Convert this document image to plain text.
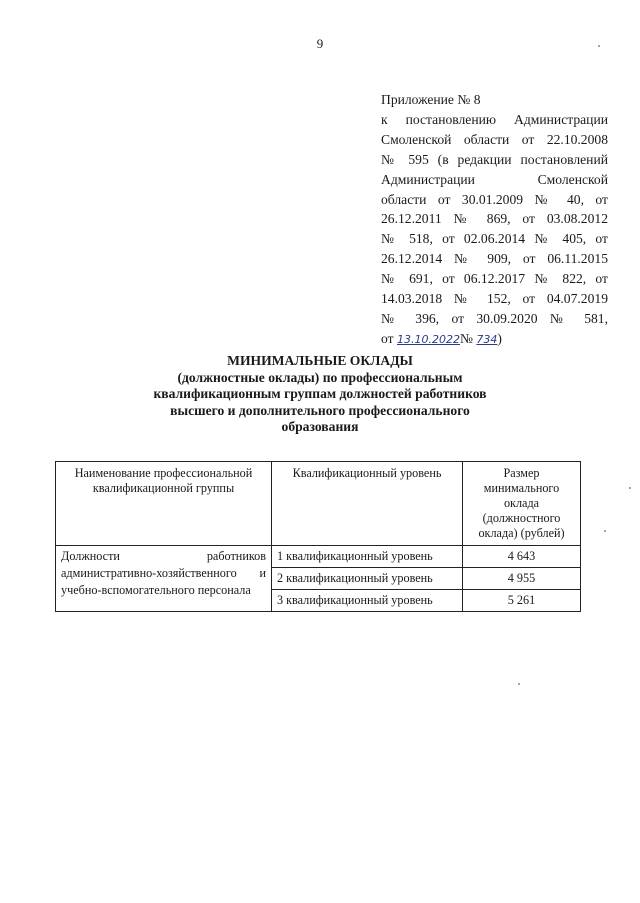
9
Приложение № 8
к постановлению Администрации
Смоленской области от 22.10.2008
№ 595 (в редакции постановлений
Администрации Смоленской
области от 30.01.2009 № 40, от
26.12.2011 № 869, от 03.08.2012
№ 518, от 02.06.2014 № 405, от
26.12.2014 № 909, от 06.11.2015
№ 691, от 06.12.2017 № 822, от
14.03.2018 № 152, от 04.07.2019
№ 396, от 30.09.2020 № 581,
от 13.10.2022№ 734)
МИНИМАЛЬНЫЕ ОКЛАДЫ
(должностные оклады) по профессиональным
квалификационным группам должностей работников
высшего и дополнительного профессионального
образования
Наименование профессиональной квалификационной группы	Квалификационный уровень	Размер минимального оклада (должностного оклада) (рублей)
Должности работников административно-хозяйственного и учебно-вспомогательного персонала	1 квалификационный уровень	4 643
	2 квалификационный уровень	4 955
	3 квалификационный уровень	5 261
